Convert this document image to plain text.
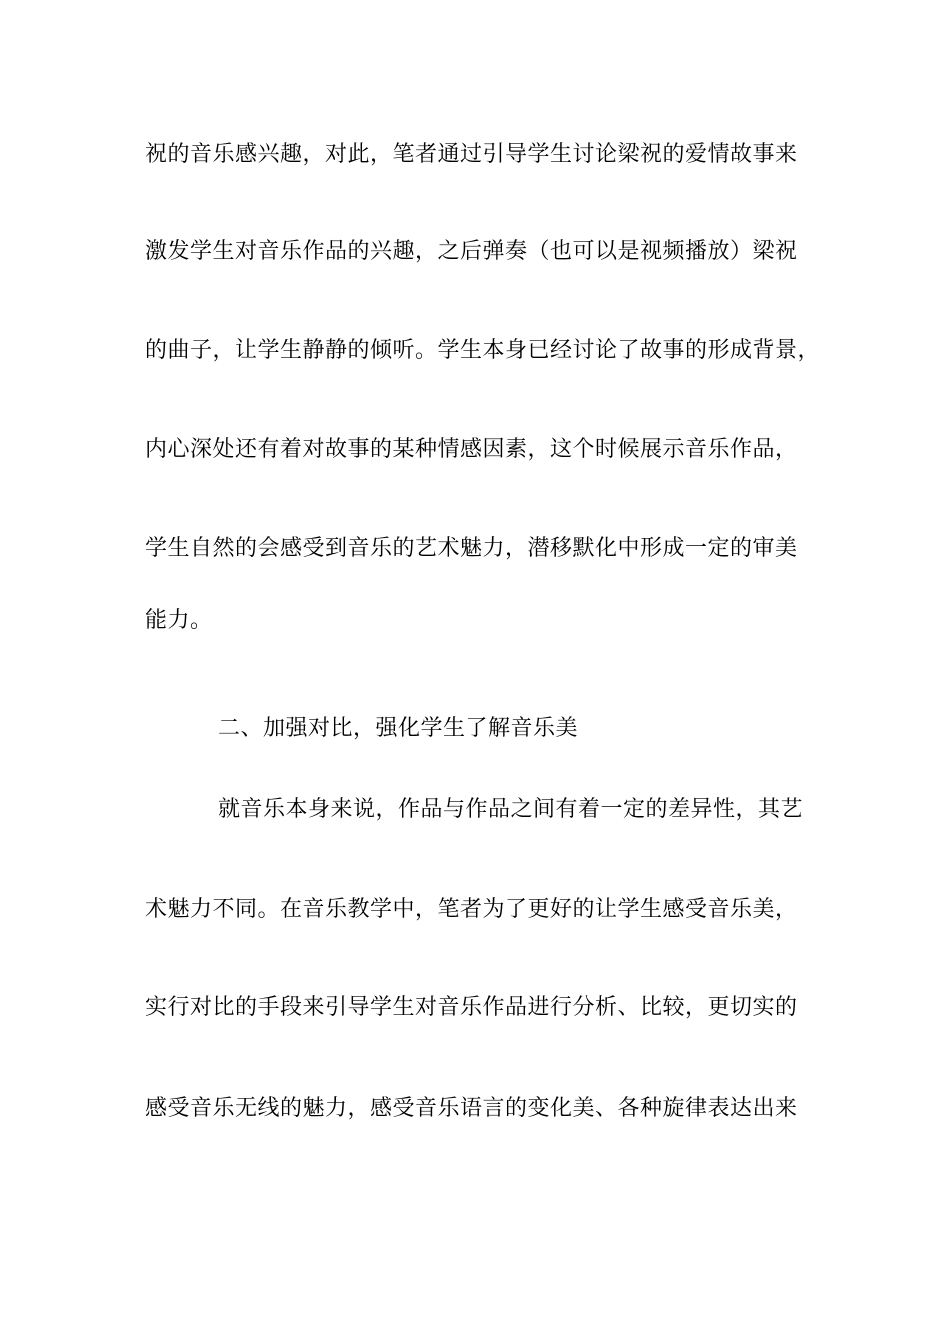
祝的音乐感兴趣，对此，笔者通过引导学生讨论梁祝的爱情故事来
激发学生对音乐作品的兴趣，之后弹奏（也可以是视频播放）梁祝
的曲子，让学生静静的倾听。学生本身已经讨论了故事的形成背景，
内心深处还有着对故事的某种情感因素，这个时候展示音乐作品，
学生自然的会感受到音乐的艺术魅力，潜移默化中形成一定的审美
能力。
二、加强对比，强化学生了解音乐美
就音乐本身来说，作品与作品之间有着一定的差异性，其艺
术魅力不同。在音乐教学中，笔者为了更好的让学生感受音乐美，
实行对比的手段来引导学生对音乐作品进行分析、比较，更切实的
感受音乐无线的魅力，感受音乐语言的变化美、各种旋律表达出来
